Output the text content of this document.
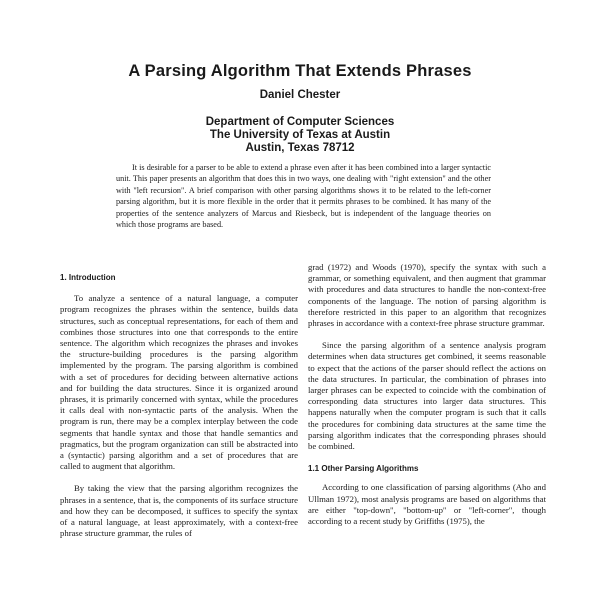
A Parsing Algorithm That Extends Phrases
Daniel Chester
Department of Computer Sciences
The University of Texas at Austin
Austin, Texas 78712
It is desirable for a parser to be able to extend a phrase even after it has been combined into a larger syntactic unit. This paper presents an algorithm that does this in two ways, one dealing with "right extension" and the other with "left recursion". A brief comparison with other parsing algorithms shows it to be related to the left-corner parsing algorithm, but it is more flexible in the order that it permits phrases to be combined. It has many of the properties of the sentence analyzers of Marcus and Riesbeck, but is independent of the language theories on which those programs are based.
1. Introduction

To analyze a sentence of a natural language, a computer program recognizes the phrases within the sentence, builds data structures, such as conceptual representations, for each of them and combines those structures into one that corresponds to the entire sentence. The algorithm which recognizes the phrases and invokes the structure-building procedures is the parsing algorithm implemented by the program. The parsing algorithm is combined with a set of procedures for deciding between alternative actions and for building the data structures. Since it is organized around phrases, it is primarily concerned with syntax, while the procedures it calls deal with non-syntactic parts of the analysis. When the program is run, there may be a complex interplay between the code segments that handle syntax and those that handle semantics and pragmatics, but the program organization can still be abstracted into a (syntactic) parsing algorithm and a set of procedures that are called to augment that algorithm.

By taking the view that the parsing algorithm recognizes the phrases in a sentence, that is, the components of its surface structure and how they can be decomposed, it suffices to specify the syntax of a natural language, at least approximately, with a context-free phrase structure grammar, the rules of

grad (1972) and Woods (1970), specify the syntax with such a grammar, or something equivalent, and then augment that grammar with procedures and data structures to handle the non-context-free components of the language. The notion of parsing algorithm is therefore restricted in this paper to an algorithm that recognizes phrases in accordance with a context-free phrase structure grammar.

Since the parsing algorithm of a sentence analysis program determines when data structures get combined, it seems reasonable to expect that the actions of the parser should reflect the actions on the data structures. In particular, the combination of phrases into larger phrases can be expected to coincide with the combination of corresponding data structures into larger data structures. This happens naturally when the computer program is such that it calls the procedures for combining data structures at the same time the parsing algorithm indicates that the corresponding phrases should be combined.

1.1 Other Parsing Algorithms

According to one classification of parsing algorithms (Aho and Ullman 1972), most analysis programs are based on algorithms that are either "top-down", "bottom-up" or "left-corner", though according to a recent study by Griffiths (1975), the
